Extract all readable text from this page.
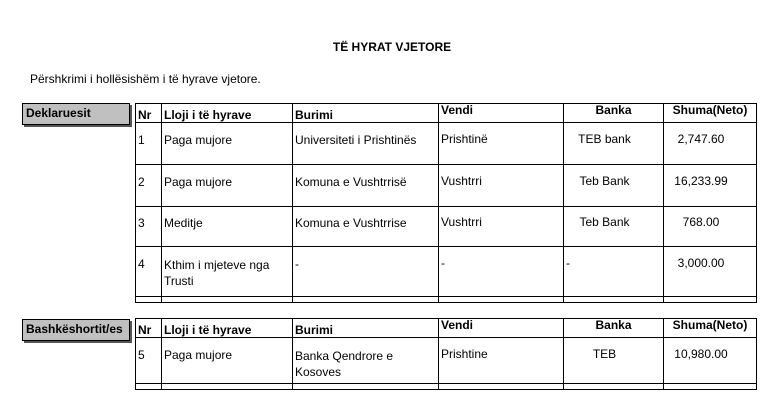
TË HYRAT VJETORE
Përshkrimi i hollësishëm i të hyrave vjetore.
Deklaruesit	Nr	Lloji i të hyrave	Burimi	Vendi	Banka	Shuma(Neto)
1	Paga mujore	Universiteti i Prishtinës	Prishtinë	TEB bank	2,747.60
2	Paga mujore	Komuna e Vushtrrisë	Vushtrri	Teb Bank	16,233.99
3	Meditje	Komuna e Vushtrrise	Vushtrri	Teb Bank	768.00
4	Kthim i mjeteve nga Trusti	-	-	-	3,000.00

Bashkëshortit/es	Nr	Lloji i të hyrave	Burimi	Vendi	Banka	Shuma(Neto)
5	Paga mujore	Banka Qendrore e Kosoves	Prishtine	TEB	10,980.00
